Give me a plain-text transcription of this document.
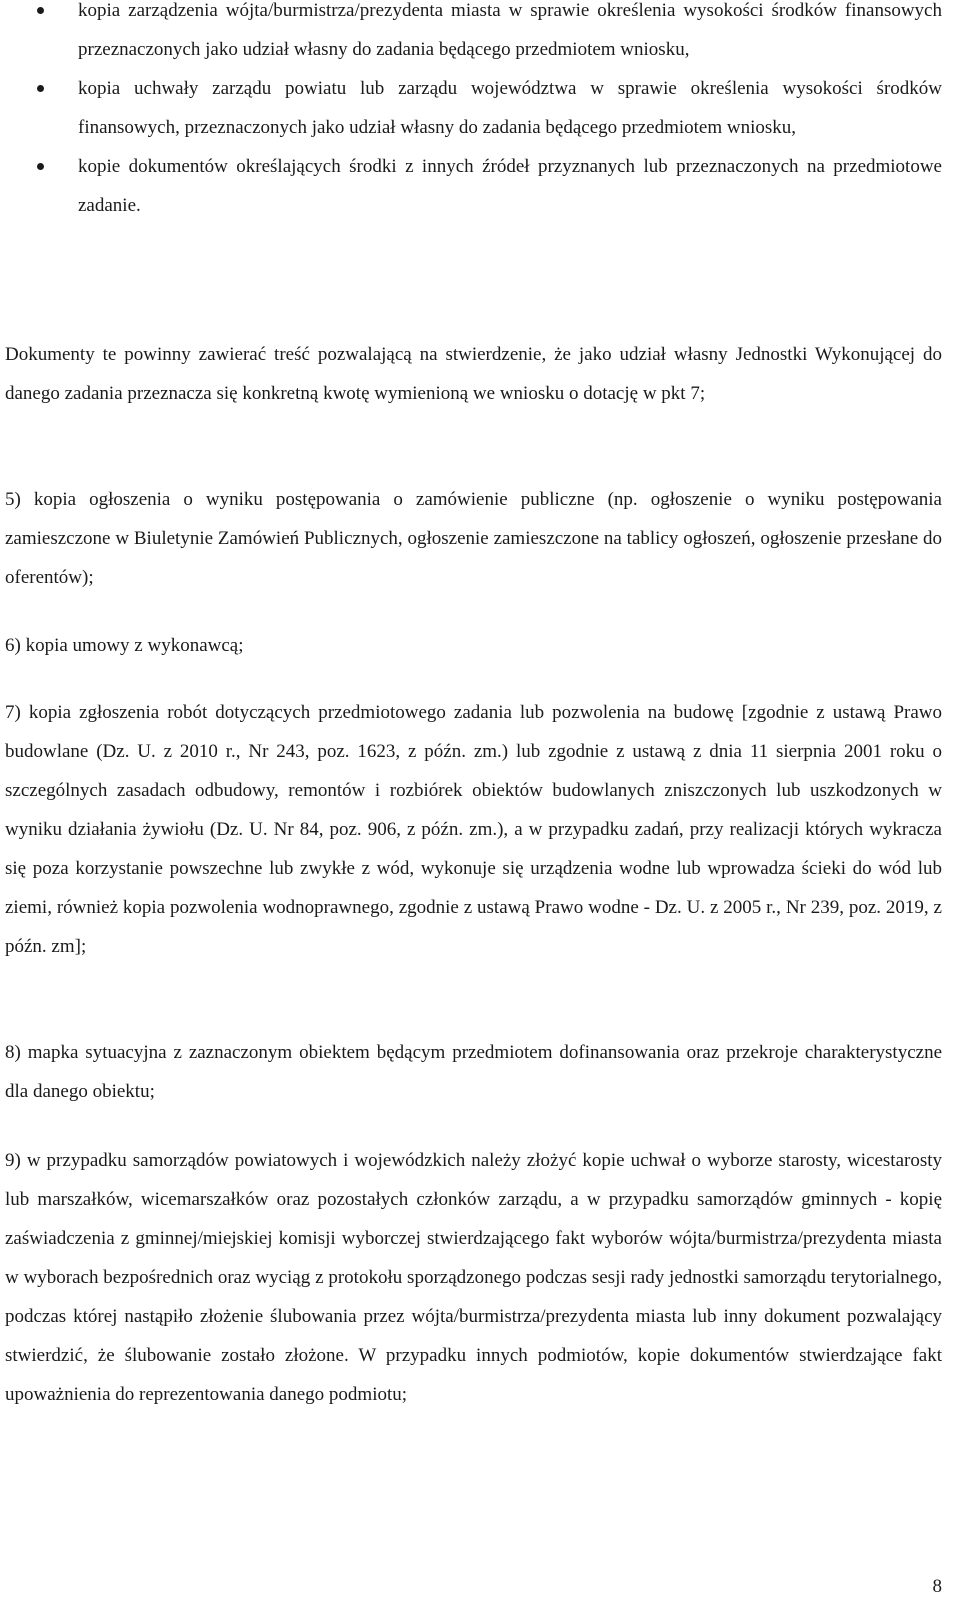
kopia zarządzenia wójta/burmistrza/prezydenta miasta w sprawie określenia wysokości środków finansowych przeznaczonych jako udział własny do zadania będącego przedmiotem wniosku,

kopia uchwały zarządu powiatu lub zarządu województwa w sprawie określenia wysokości środków finansowych, przeznaczonych jako udział własny do zadania będącego przedmiotem wniosku,

kopie dokumentów określających środki z innych źródeł przyznanych lub przeznaczonych na przedmiotowe zadanie.

Dokumenty te powinny zawierać treść pozwalającą na stwierdzenie, że jako udział własny Jednostki Wykonującej do danego zadania przeznacza się konkretną kwotę wymienioną we wniosku o dotację w pkt 7;

5) kopia ogłoszenia o wyniku postępowania o zamówienie publiczne (np. ogłoszenie o wyniku postępowania zamieszczone w Biuletynie Zamówień Publicznych, ogłoszenie zamieszczone na tablicy ogłoszeń, ogłoszenie przesłane do oferentów);

6) kopia umowy z wykonawcą;

7) kopia zgłoszenia robót dotyczących przedmiotowego zadania lub pozwolenia na budowę [zgodnie z ustawą Prawo budowlane (Dz. U. z 2010 r., Nr 243, poz. 1623, z późn. zm.) lub zgodnie z ustawą z dnia 11 sierpnia 2001 roku o szczególnych zasadach odbudowy, remontów i rozbiórek obiektów budowlanych zniszczonych lub uszkodzonych w wyniku działania żywiołu (Dz. U. Nr 84, poz. 906, z późn. zm.), a w przypadku zadań, przy realizacji których wykracza się poza korzystanie powszechne lub zwykłe z wód, wykonuje się urządzenia wodne lub wprowadza ścieki do wód lub ziemi, również kopia pozwolenia wodnoprawnego, zgodnie z ustawą Prawo wodne - Dz. U. z 2005 r., Nr 239, poz. 2019, z późn. zm];

8) mapka sytuacyjna z zaznaczonym obiektem będącym przedmiotem dofinansowania oraz przekroje charakterystyczne dla danego obiektu;

9) w przypadku samorządów powiatowych i wojewódzkich należy złożyć kopie uchwał o wyborze starosty, wicestarosty lub marszałków, wicemarszałków oraz pozostałych członków zarządu, a w przypadku samorządów gminnych - kopię zaświadczenia z gminnej/miejskiej komisji wyborczej stwierdzającego fakt wyborów wójta/burmistrza/prezydenta miasta w wyborach bezpośrednich oraz wyciąg z protokołu sporządzonego podczas sesji rady jednostki samorządu terytorialnego, podczas której nastąpiło złożenie ślubowania przez wójta/burmistrza/prezydenta miasta lub inny dokument pozwalający stwierdzić, że ślubowanie zostało złożone. W przypadku innych podmiotów, kopie dokumentów stwierdzające fakt upoważnienia do reprezentowania danego podmiotu;

8
